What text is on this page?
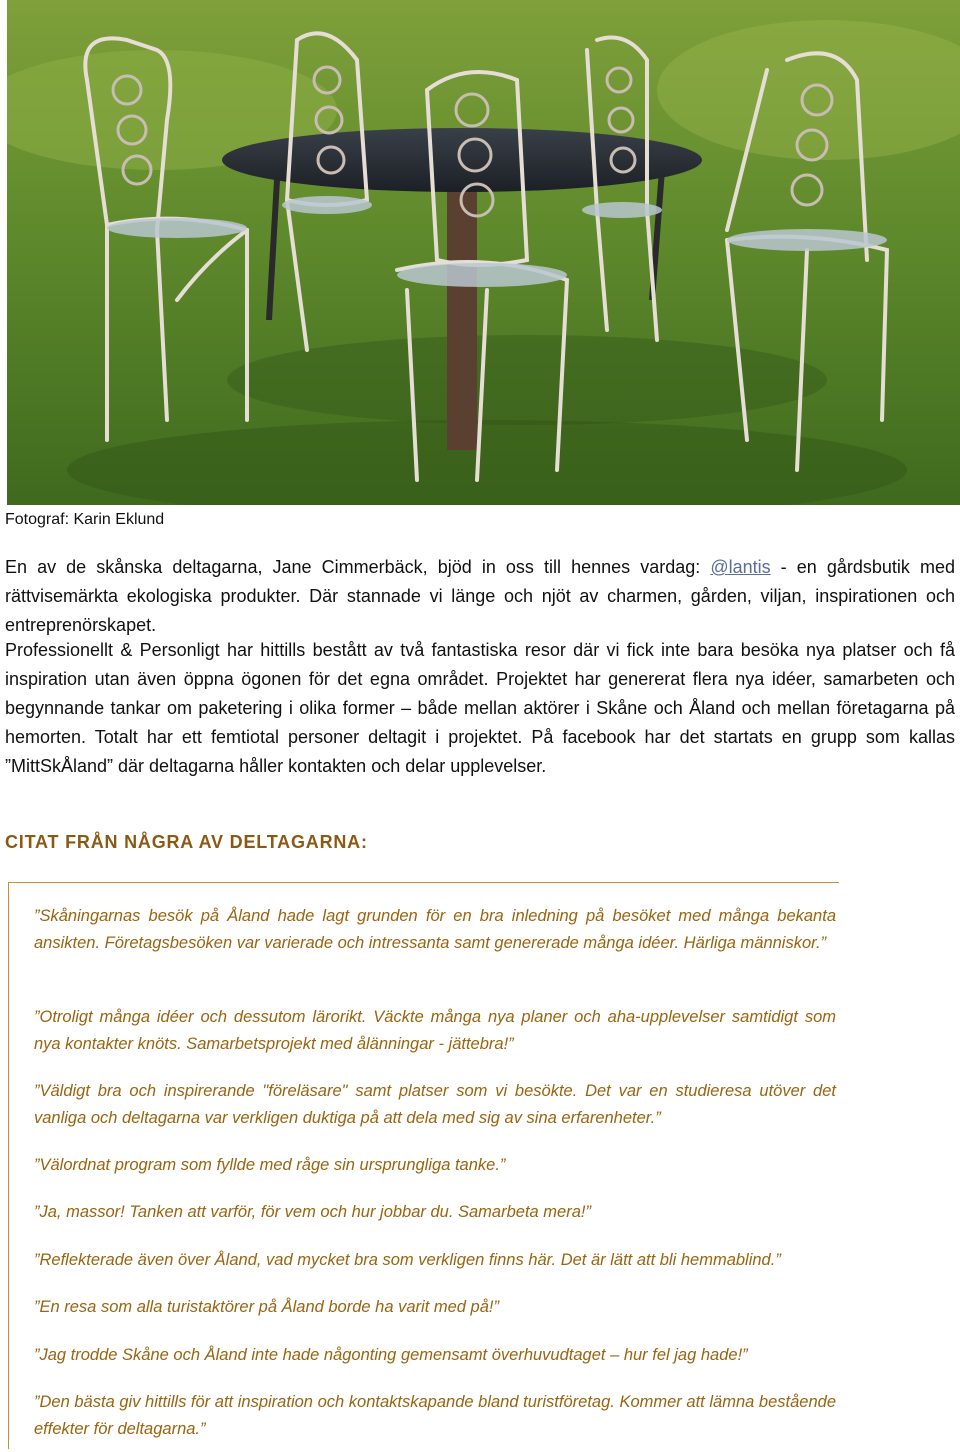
Fotograf: Karin Eklund

En av de skånska deltagarna, Jane Cimmerbäck, bjöd in oss till hennes vardag: @lantis - en gårdsbutik med rättvisemärkta ekologiska produkter. Där stannade vi länge och njöt av charmen, gården, viljan, inspirationen och entreprenörskapet.

Professionellt & Personligt har hittills bestått av två fantastiska resor där vi fick inte bara besöka nya platser och få inspiration utan även öppna ögonen för det egna området. Projektet har genererat flera nya idéer, samarbeten och begynnande tankar om paketering i olika former – både mellan aktörer i Skåne och Åland och mellan företagarna på hemorten. Totalt har ett femtiotal personer deltagit i projektet. På facebook har det startats en grupp som kallas ”MittSkÅland” där deltagarna håller kontakten och delar upplevelser.

CITAT FRÅN NÅGRA AV DELTAGARNA:
”Skåningarnas besök på Åland hade lagt grunden för en bra inledning på besöket med många bekanta ansikten. Företagsbesöken var varierade och intressanta samt genererade många idéer. Härliga människor.”
”Otroligt många idéer och dessutom lärorikt. Väckte många nya planer och aha-upplevelser samtidigt som nya kontakter knöts. Samarbetsprojekt med ålänningar - jättebra!”
”Väldigt bra och inspirerande "föreläsare" samt platser som vi besökte. Det var en studieresa utöver det vanliga och deltagarna var verkligen duktiga på att dela med sig av sina erfarenheter.”
”Välordnat program som fyllde med råge sin ursprungliga tanke.”
”Ja, massor! Tanken att varför, för vem och hur jobbar du. Samarbeta mera!”
”Reflekterade även över Åland, vad mycket bra som verkligen finns här. Det är lätt att bli hemmablind.”
”En resa som alla turistaktörer på Åland borde ha varit med på!”
”Jag trodde Skåne och Åland inte hade någonting gemensamt överhuvudtaget – hur fel jag hade!”
”Den bästa giv hittills för att inspiration och kontaktskapande bland turistföretag. Kommer att lämna bestående effekter för deltagarna.”
